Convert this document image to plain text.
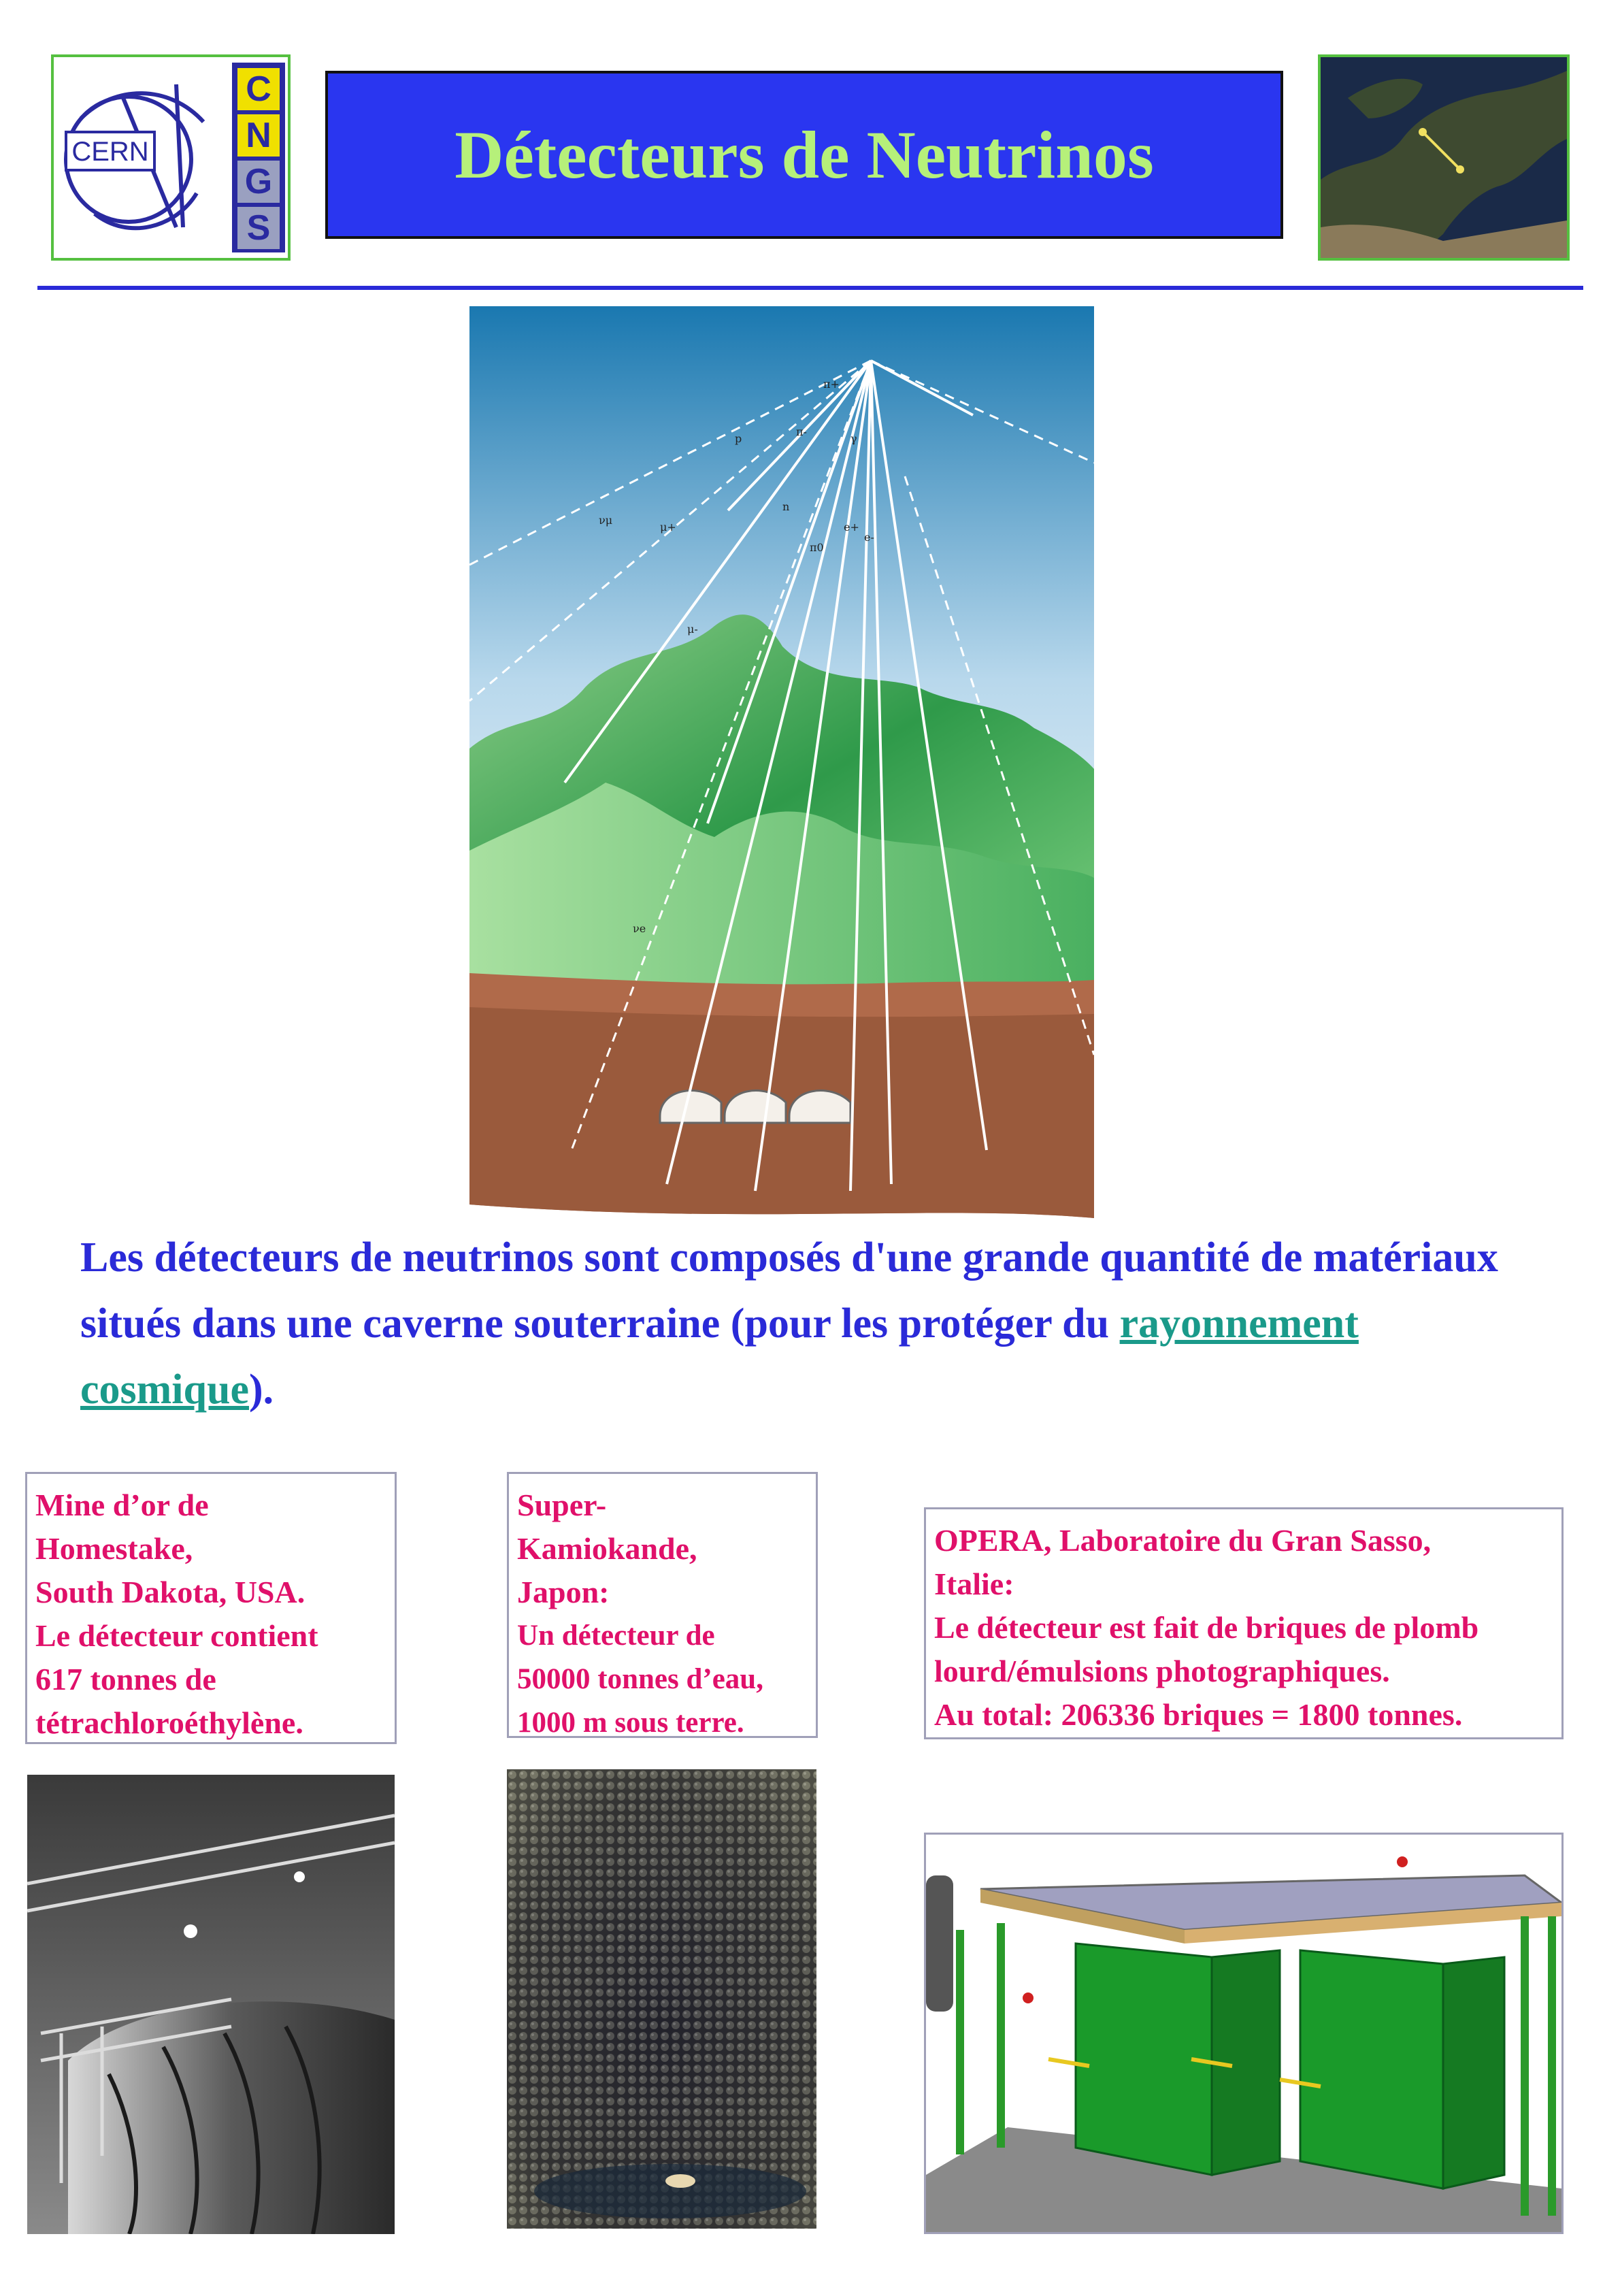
CERN
C
N
G
S
Détecteurs de Neutrinos
π+
π-
p
n
μ+
μ-
νμ
νe
e+
e-
γ
π0

Les détecteurs de neutrinos sont composés d'une grande quantité de matériaux situés dans une caverne souterraine (pour les protéger du rayonnement cosmique).

Mine d’or de
Homestake,
South Dakota, USA.
Le détecteur contient
617 tonnes de
tétrachloroéthylène.
Super-
Kamiokande,
Japon:
Un détecteur de
50000 tonnes d’eau,
1000 m sous terre.
OPERA, Laboratoire du Gran Sasso,
Italie:
Le détecteur est fait de briques de plomb
lourd/émulsions photographiques.
Au total: 206336 briques = 1800 tonnes.
